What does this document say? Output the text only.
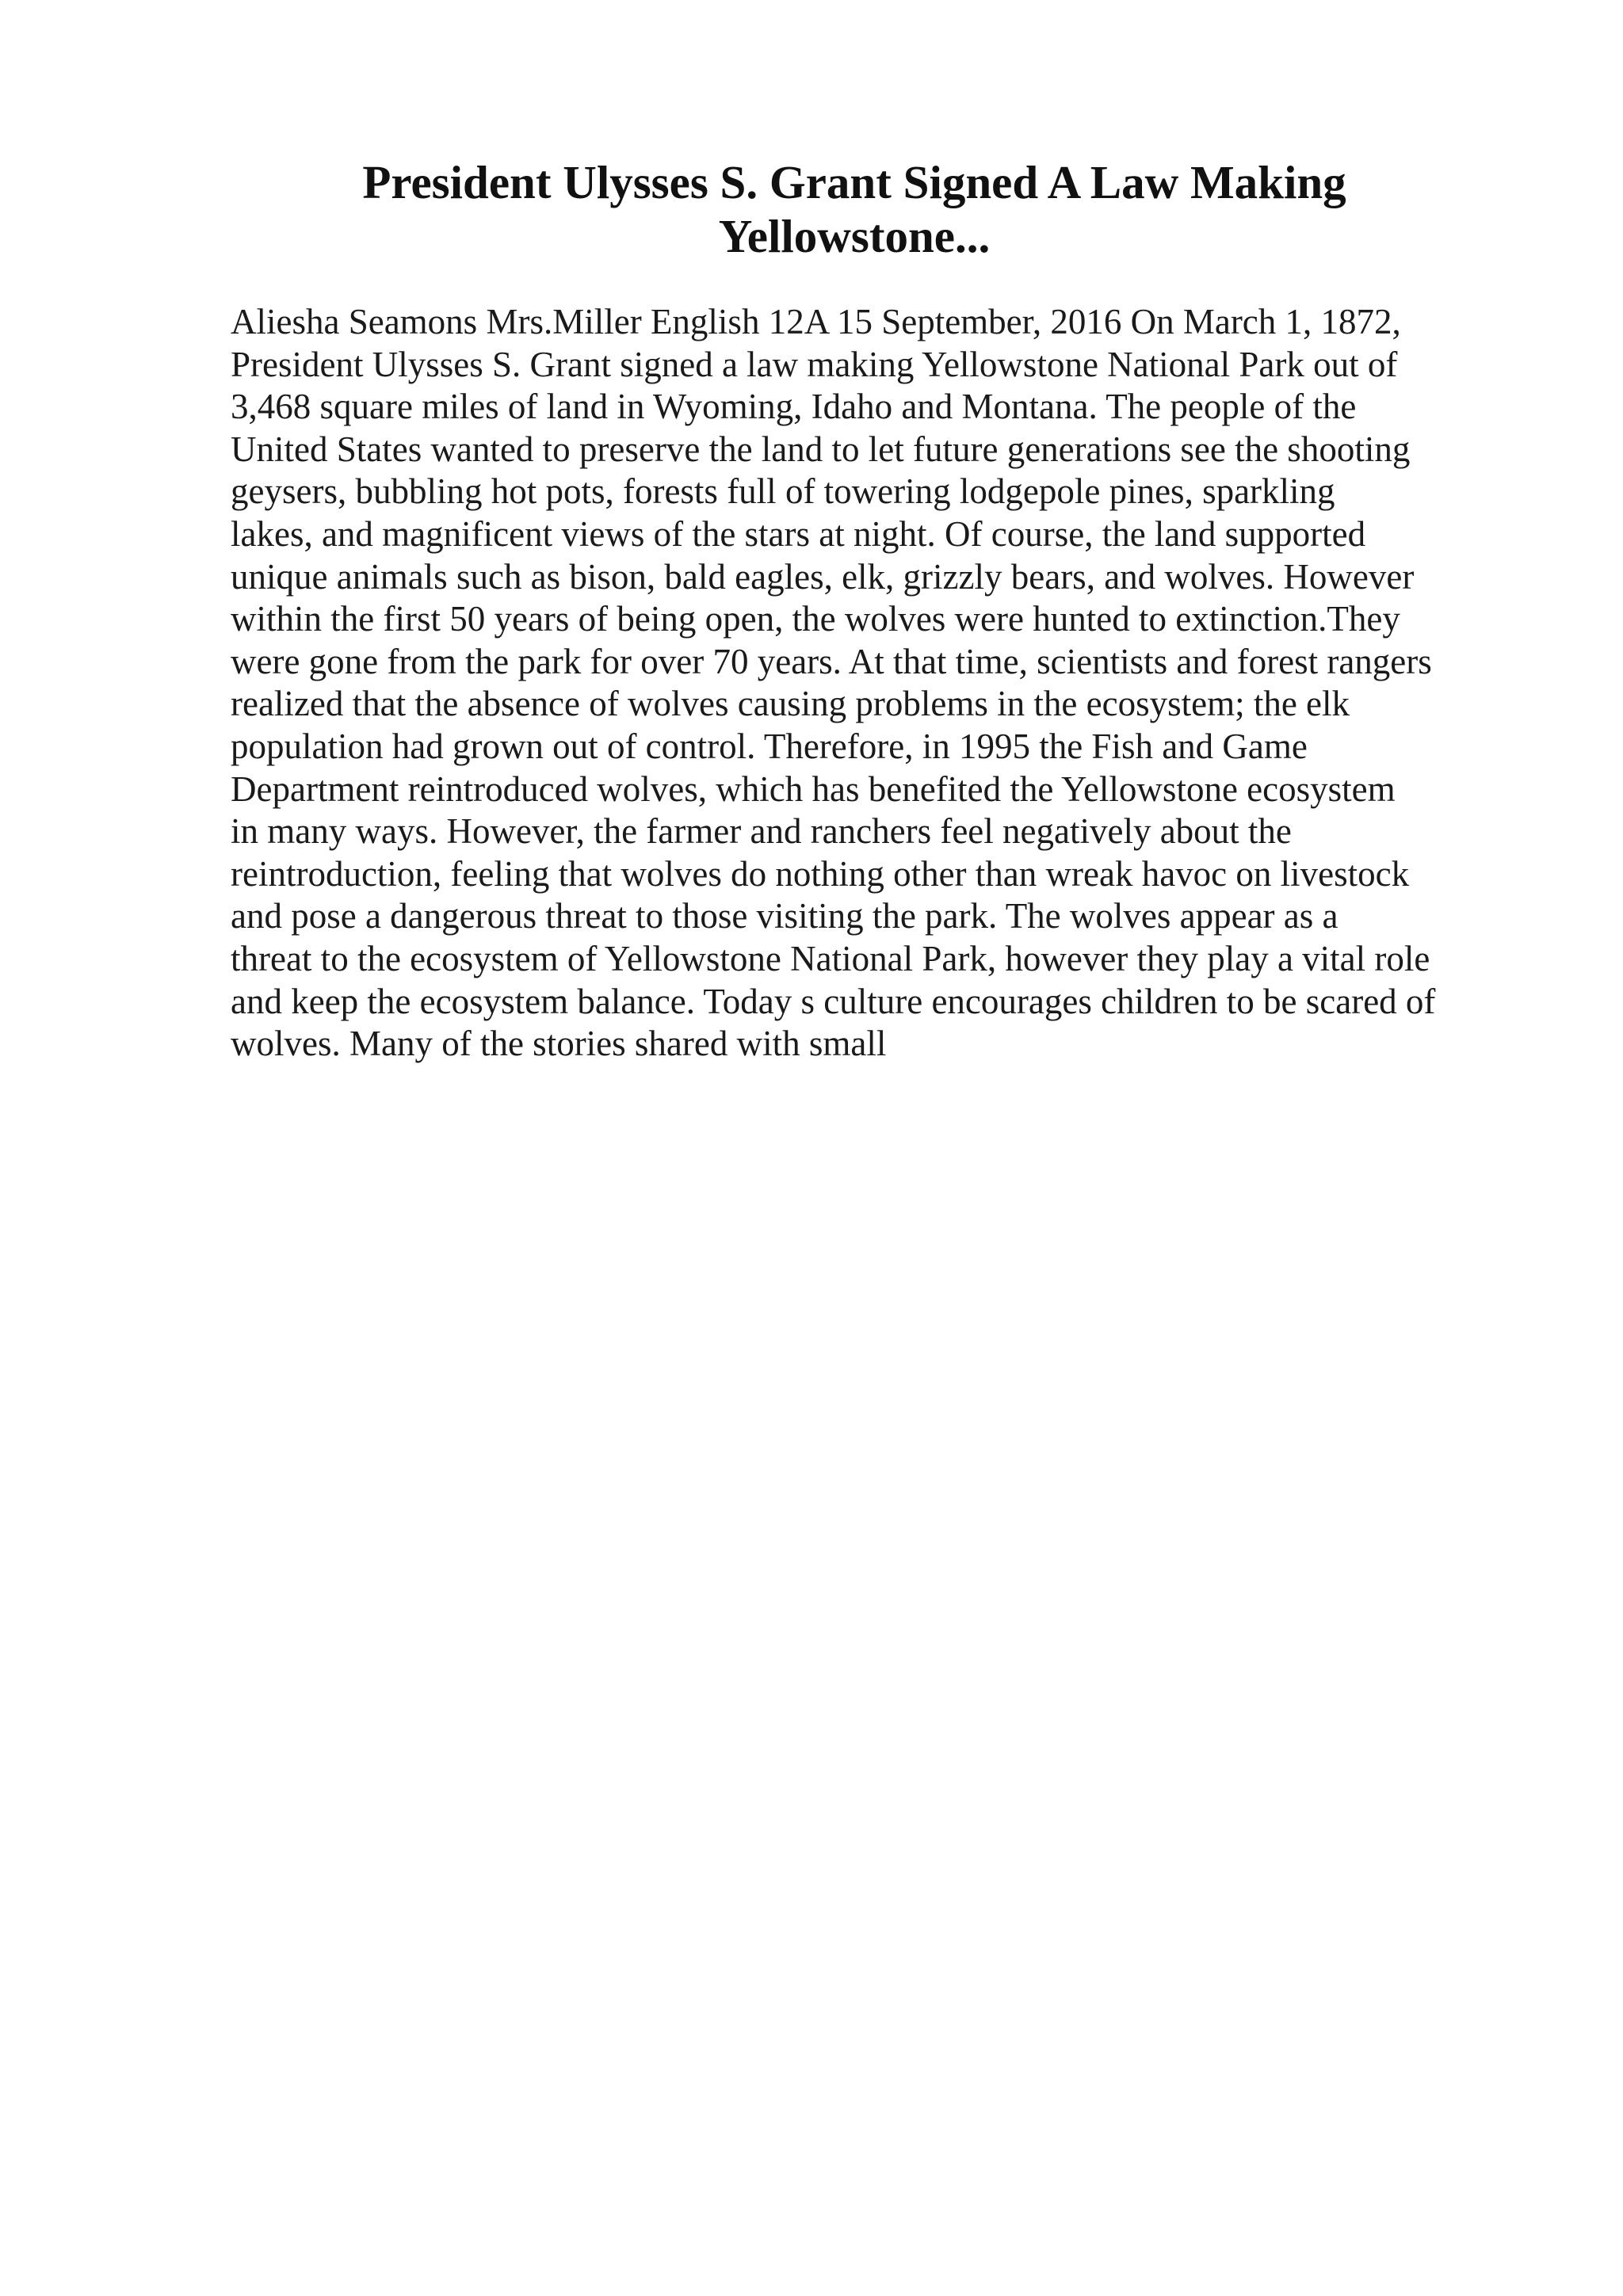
President Ulysses S. Grant Signed A Law Making
Yellowstone...
Aliesha Seamons Mrs.Miller English 12A 15 September, 2016 On March 1, 1872,
President Ulysses S. Grant signed a law making Yellowstone National Park out of
3,468 square miles of land in Wyoming, Idaho and Montana. The people of the
United States wanted to preserve the land to let future generations see the shooting
geysers, bubbling hot pots, forests full of towering lodgepole pines, sparkling
lakes, and magnificent views of the stars at night. Of course, the land supported
unique animals such as bison, bald eagles, elk, grizzly bears, and wolves. However
within the first 50 years of being open, the wolves were hunted to extinction.They
were gone from the park for over 70 years. At that time, scientists and forest rangers
realized that the absence of wolves causing problems in the ecosystem; the elk
population had grown out of control. Therefore, in 1995 the Fish and Game
Department reintroduced wolves, which has benefited the Yellowstone ecosystem
in many ways. However, the farmer and ranchers feel negatively about the
reintroduction, feeling that wolves do nothing other than wreak havoc on livestock
and pose a dangerous threat to those visiting the park. The wolves appear as a
threat to the ecosystem of Yellowstone National Park, however they play a vital role
and keep the ecosystem balance. Today s culture encourages children to be scared of
wolves. Many of the stories shared with small
